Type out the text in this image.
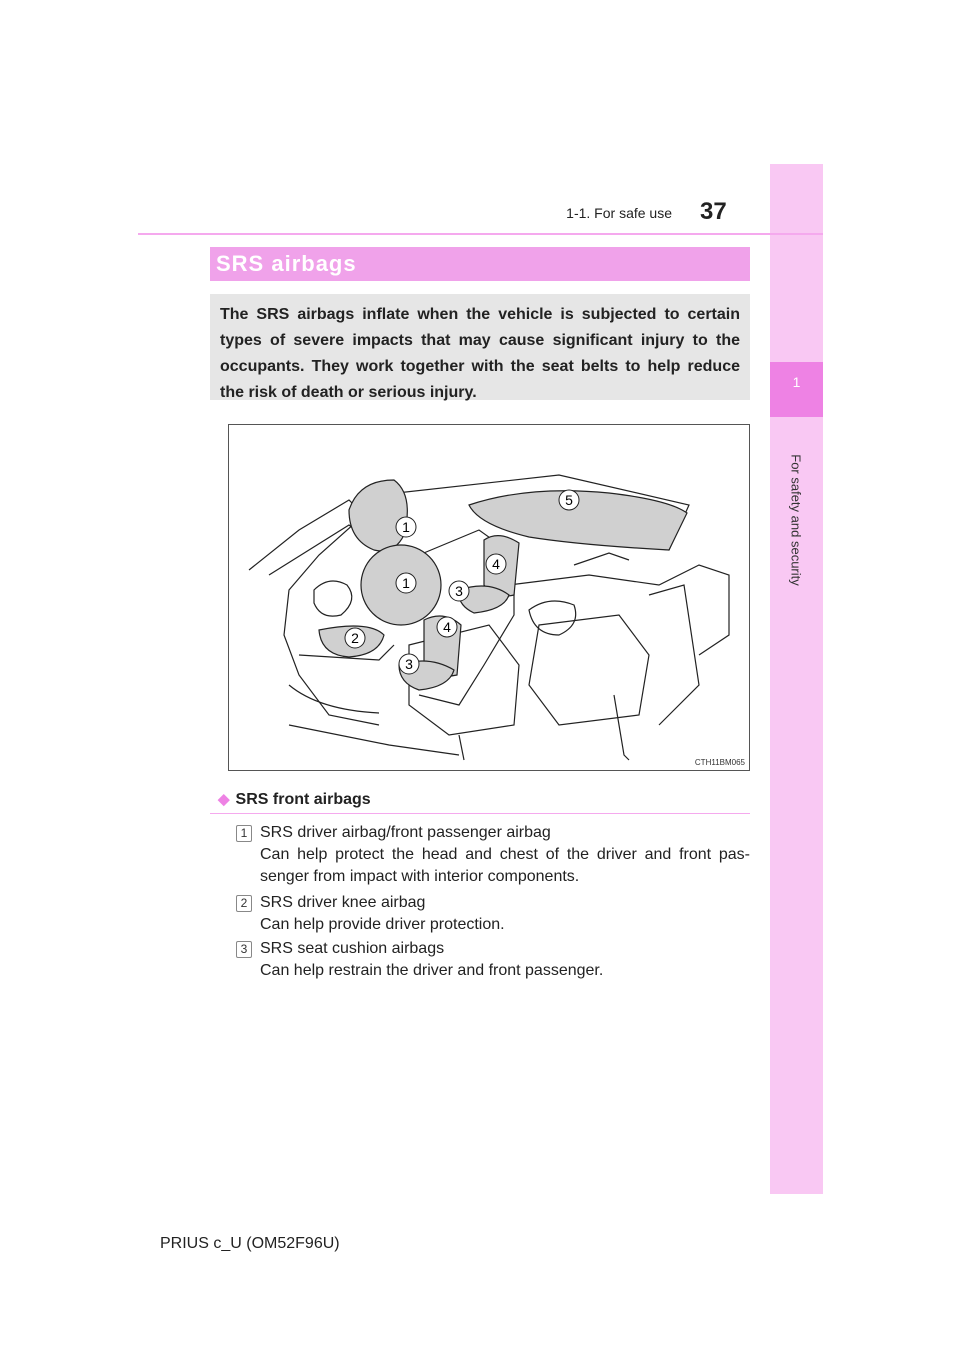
1
For safety and security
1-1. For safe use 37
SRS airbags
The SRS airbags inflate when the vehicle is subjected to certain types of severe impacts that may cause significant injury to the occupants. They work together with the seat belts to help reduce the risk of death or serious injury.
1
1
2
3
3
4
4
5
CTH11BM065
◆ SRS front airbags
1 SRS driver airbag/front passenger airbag
Can help protect the head and chest of the driver and front pas-senger from impact with interior components.
2 SRS driver knee airbag
Can help provide driver protection.
3 SRS seat cushion airbags
Can help restrain the driver and front passenger.
PRIUS c_U (OM52F96U)
